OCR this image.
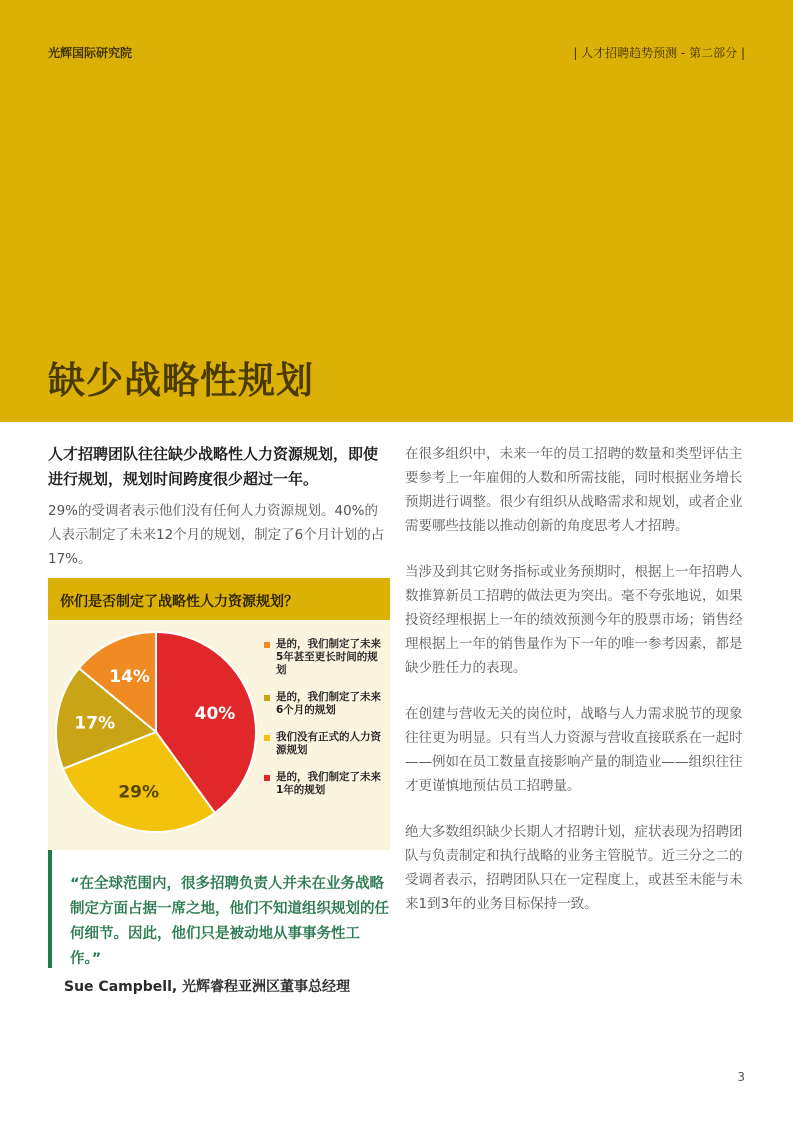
光辉国际研究院	| 人才招聘趋势预测 - 第二部分 |
缺少战略性规划
人才招聘团队往往缺少战略性人力资源规划，即使进行规划，规划时间跨度很少超过一年。
29%的受调者表示他们没有任何人力资源规划。40%的人表示制定了未来12个月的规划，制定了6个月计划的占17%。
你们是否制定了战略性人力资源规划？
40%
29%
17%
14%
是的，我们制定了未来5年甚至更长时间的规划
是的，我们制定了未来6个月的规划
我们没有正式的人力资源规划
是的，我们制定了未来1年的规划
“在全球范围内，很多招聘负责人并未在业务战略制定方面占据一席之地，他们不知道组织规划的任何细节。因此，他们只是被动地从事事务性工作。”
Sue Campbell, 光辉睿程亚洲区董事总经理

在很多组织中，未来一年的员工招聘的数量和类型评估主要参考上一年雇佣的人数和所需技能，同时根据业务增长预期进行调整。很少有组织从战略需求和规划，或者企业需要哪些技能以推动创新的角度思考人才招聘。

当涉及到其它财务指标或业务预期时，根据上一年招聘人数推算新员工招聘的做法更为突出。毫不夸张地说，如果投资经理根据上一年的绩效预测今年的股票市场；销售经理根据上一年的销售量作为下一年的唯一参考因素，都是缺少胜任力的表现。

在创建与营收无关的岗位时，战略与人力需求脱节的现象往往更为明显。只有当人力资源与营收直接联系在一起时——例如在员工数量直接影响产量的制造业——组织往往才更谨慎地预估员工招聘量。

绝大多数组织缺少长期人才招聘计划，症状表现为招聘团队与负责制定和执行战略的业务主管脱节。近三分之二的受调者表示，招聘团队只在一定程度上，或甚至未能与未来1到3年的业务目标保持一致。

3
